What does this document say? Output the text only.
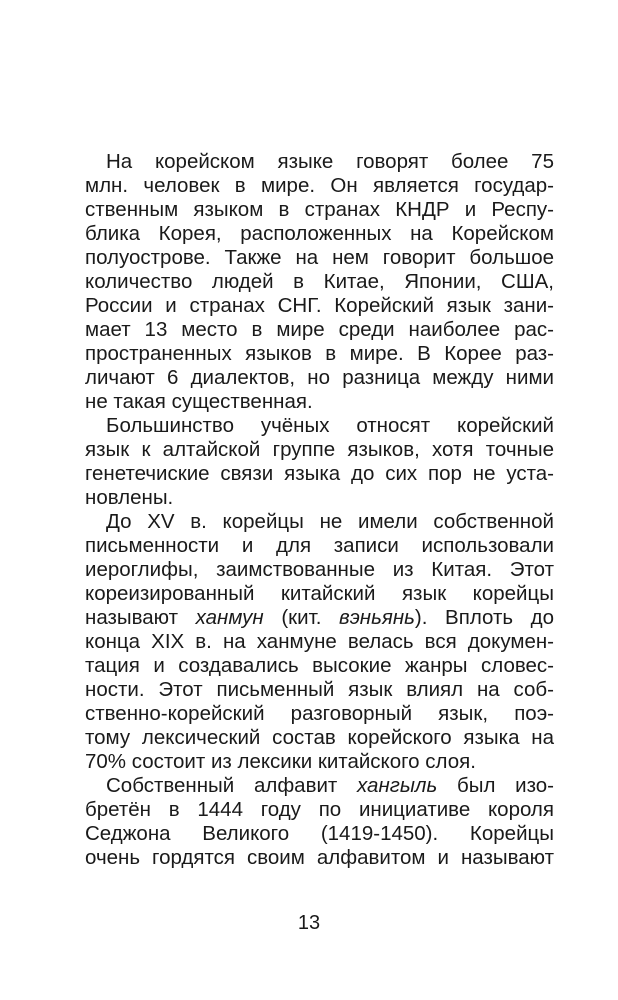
На корейском языке говорят более 75
млн. человек в мире. Он является государ-
ственным языком в странах КНДР и Респу-
блика Корея, расположенных на Корейском
полуострове. Также на нем говорит большое
количество людей в Китае, Японии, США,
России и странах СНГ. Корейский язык зани-
мает 13 место в мире среди наиболее рас-
пространенных языков в мире. В Корее раз-
личают 6 диалектов, но разница между ними
не такая существенная.

Большинство учёных относят корейский
язык к алтайской группе языков, хотя точные
генетечиские связи языка до сих пор не уста-
новлены.

До XV в. корейцы не имели собственной
письменности и для записи использовали
иероглифы, заимствованные из Китая. Этот
кореизированный китайский язык корейцы
называют ханмун (кит. вэньянь). Вплоть до
конца XIX в. на ханмуне велась вся докумен-
тация и создавались высокие жанры словес-
ности. Этот письменный язык влиял на соб-
ственно-корейский разговорный язык, поэ-
тому лексический состав корейского языка на
70% состоит из лексики китайского слоя.

Собственный алфавит хангыль был изо-
бретён в 1444 году по инициативе короля
Седжона Великого (1419-1450). Корейцы
очень гордятся своим алфавитом и называют

13
